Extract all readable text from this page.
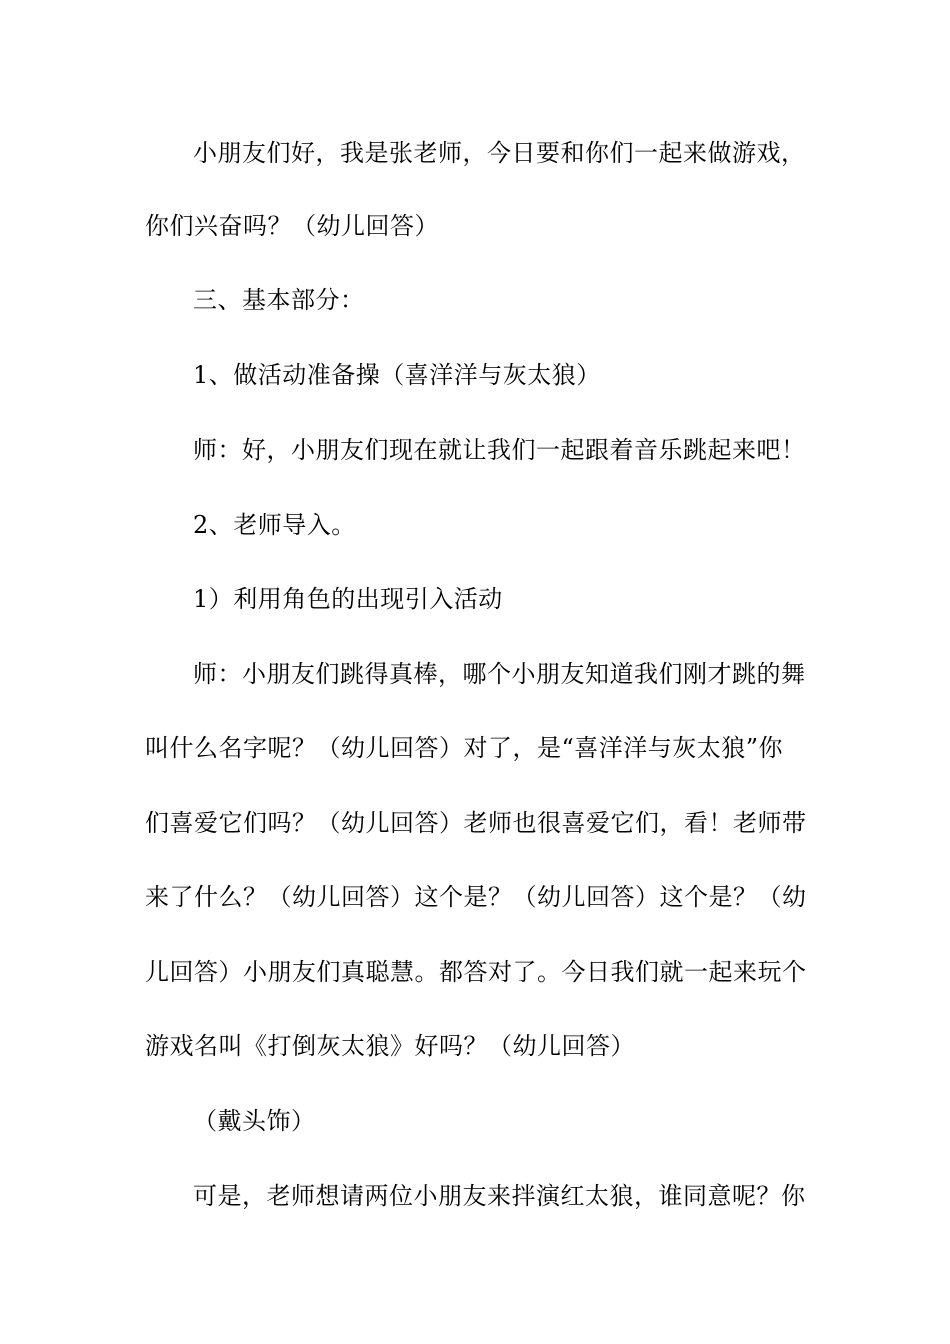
小朋友们好，我是张老师，今日要和你们一起来做游戏，
你们兴奋吗？（幼儿回答）
三、基本部分：
1、做活动准备操（喜洋洋与灰太狼）
师：好，小朋友们现在就让我们一起跟着音乐跳起来吧！
2、老师导入。
1）利用角色的出现引入活动
师：小朋友们跳得真棒，哪个小朋友知道我们刚才跳的舞
叫什么名字呢？（幼儿回答）对了，是“喜洋洋与灰太狼”你
们喜爱它们吗？（幼儿回答）老师也很喜爱它们，看！老师带
来了什么？（幼儿回答）这个是？（幼儿回答）这个是？（幼
儿回答）小朋友们真聪慧。都答对了。今日我们就一起来玩个
游戏名叫《打倒灰太狼》好吗？（幼儿回答）
（戴头饰）
可是，老师想请两位小朋友来拌演红太狼，谁同意呢？你
